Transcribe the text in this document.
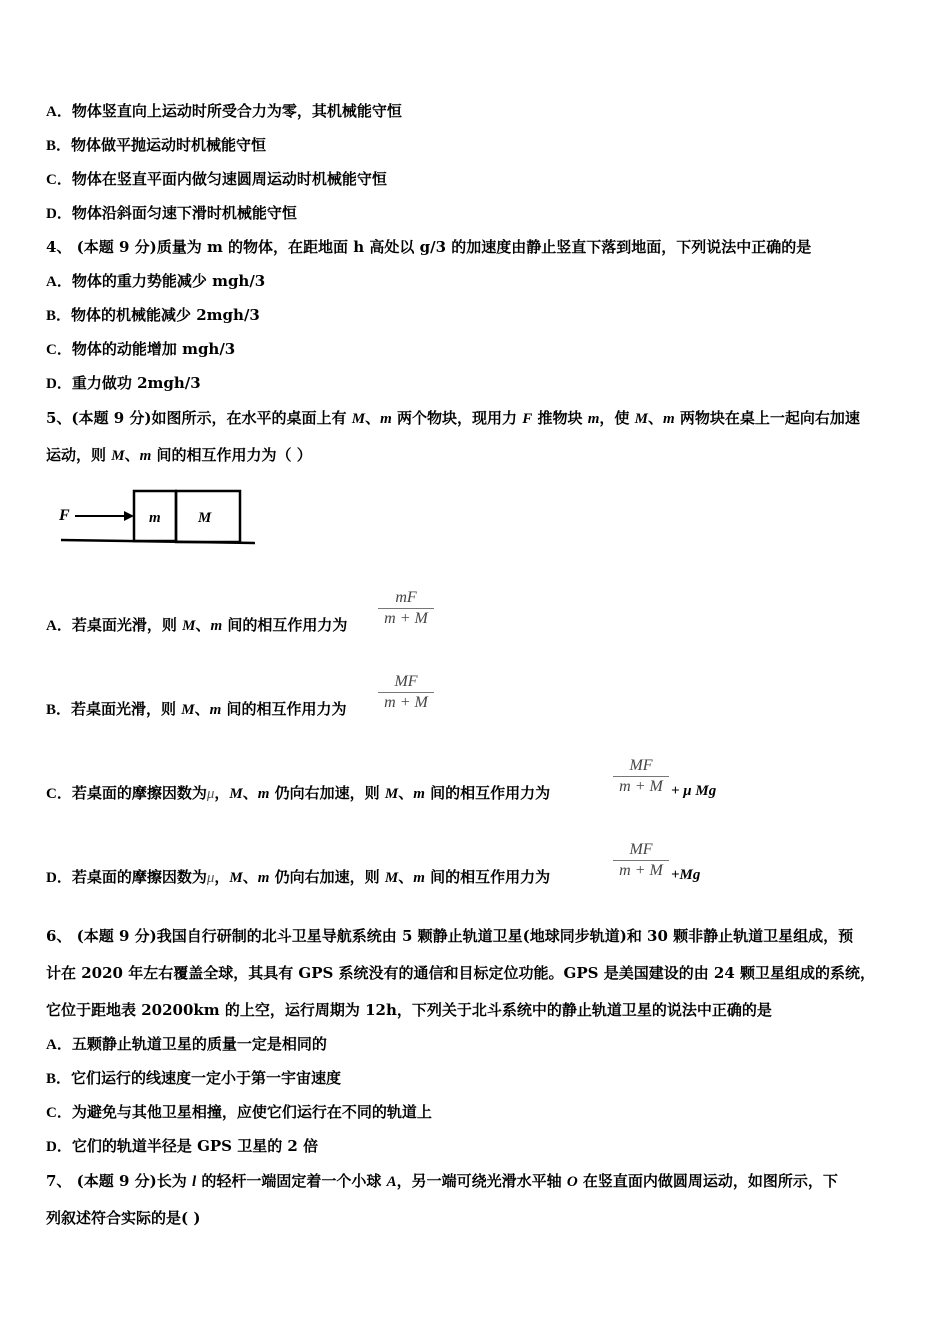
A．物体竖直向上运动时所受合力为零，其机械能守恒
B．物体做平抛运动时机械能守恒
C．物体在竖直平面内做匀速圆周运动时机械能守恒
D．物体沿斜面匀速下滑时机械能守恒
4、 (本题 9 分)质量为 m 的物体，在距地面 h 高处以 g/3 的加速度由静止竖直下落到地面，下列说法中正确的是
A．物体的重力势能减少 mgh/3
B．物体的机械能减少 2mgh/3
C．物体的动能增加 mgh/3
D．重力做功 2mgh/3
5、(本题 9 分)如图所示，在水平的桌面上有 M、m 两个物块，现用力 F 推物块 m，使 M、m 两物块在桌上一起向右加速
运动，则 M、m 间的相互作用力为（ ）
F	m M
A．若桌面光滑，则 M、m 间的相互作用力为
mF
m + M
B．若桌面光滑，则 M、m 间的相互作用力为
MF
m + M
C．若桌面的摩擦因数为μ，M、m 仍向右加速，则 M、m 间的相互作用力为
MF
m + M + μ Mg
D．若桌面的摩擦因数为μ，M、m 仍向右加速，则 M、m 间的相互作用力为
MF
m + M +Mg
6、 (本题 9 分)我国自行研制的北斗卫星导航系统由 5 颗静止轨道卫星(地球同步轨道)和 30 颗非静止轨道卫星组成，预
计在 2020 年左右覆盖全球，其具有 GPS 系统没有的通信和目标定位功能。GPS 是美国建设的由 24 颗卫星组成的系统，
它位于距地表 20200km 的上空，运行周期为 12h，下列关于北斗系统中的静止轨道卫星的说法中正确的是
A．五颗静止轨道卫星的质量一定是相同的
B．它们运行的线速度一定小于第一宇宙速度
C．为避免与其他卫星相撞，应使它们运行在不同的轨道上
D．它们的轨道半径是 GPS 卫星的 2 倍
7、 (本题 9 分)长为 l 的轻杆一端固定着一个小球 A，另一端可绕光滑水平轴 O 在竖直面内做圆周运动，如图所示，下
列叙述符合实际的是( )
